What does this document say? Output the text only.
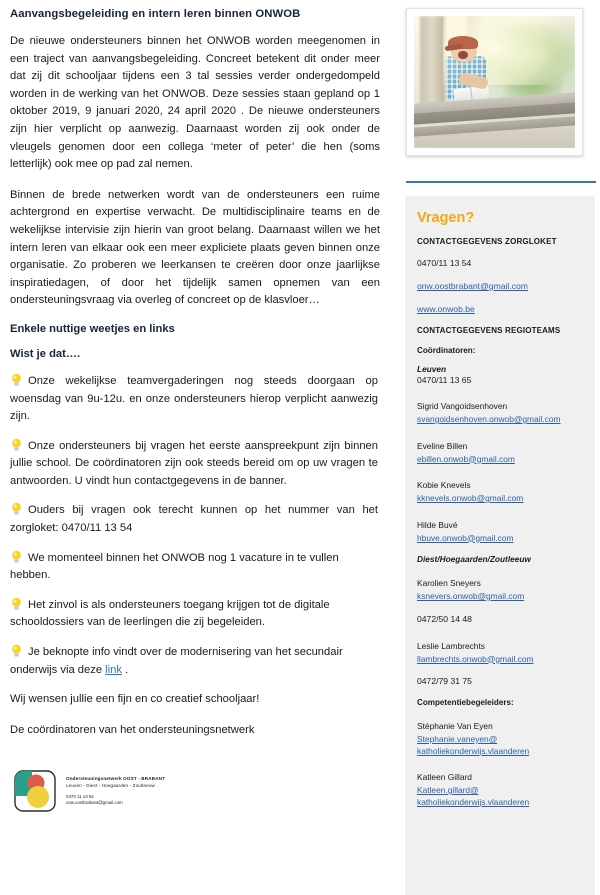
Aanvangsbegeleiding en intern leren binnen ONWOB

De nieuwe ondersteuners binnen het ONWOB worden meegenomen in een traject van aanvangsbegeleiding. Concreet betekent dit onder meer dat zij dit schooljaar tijdens een 3 tal sessies verder ondergedompeld worden in de werking van het ONWOB. Deze sessies staan gepland op 1 oktober 2019, 9 januari 2020, 24 april 2020 . De nieuwe ondersteuners zijn hier verplicht op aanwezig. Daarnaast worden zij ook onder de vleugels genomen door een collega ‘meter of peter’ die hen (soms letterlijk) ook mee op pad zal nemen.

Binnen de brede netwerken wordt van de ondersteuners een ruime achtergrond en expertise verwacht. De multidisciplinaire teams en de wekelijkse intervisie zijn hierin van groot belang. Daarnaast willen we het intern leren van elkaar ook een meer expliciete plaats geven binnen onze organisatie. Zo proberen we leerkansen te creëren door onze jaarlijkse inspiratiedagen, of door het tijdelijk samen opnemen van een ondersteuningsvraag via overleg of concreet op de klasvloer…

Enkele nuttige weetjes en links
Wist je dat….
Onze wekelijkse teamvergaderingen nog steeds doorgaan op woensdag van 9u-12u. en onze ondersteuners hierop verplicht aanwezig zijn.
Onze ondersteuners bij vragen het eerste aanspreekpunt zijn binnen jullie school. De coördinatoren zijn ook steeds bereid om op uw vragen te antwoorden. U vindt hun contactgegevens in de banner.
Ouders bij vragen ook terecht kunnen op het nummer van het zorgloket: 0470/11 13 54
We momenteel binnen het ONWOB nog 1 vacature in te vullen hebben.
Het zinvol is als ondersteuners toegang krijgen tot de digitale schooldossiers van de leerlingen die zij begeleiden.
Je beknopte info vindt over de modernisering van het secundair onderwijs via deze link .

Wij wensen jullie een fijn en co creatief schooljaar!

De coördinatoren van het ondersteuningsnetwerk

Ondersteuningsnetwerk OOST - BRABANT
Leuven - Diest - Hoegaarden - Zoutleeuw
0470 11 13 54
onw.oostbrabant@gmail.com
Vragen?
CONTACTGEGEVENS ZORGLOKET
0470/11 13 54
onw.oostbrabant@gmail.com
www.onwob.be
CONTACTGEGEVENS REGIOTEAMS
Coördinatoren:
Leuven
0470/11 13 65
Sigrid Vangoidsenhoven
svangoidsenhoven.onwob@gmail.com
Eveline Billen
ebillen.onwob@gmail.com
Kobie Knevels
kknevels.onwob@gmail.com
Hilde Buvé
hbuve.onwob@gmail.com
Diest/Hoegaarden/Zoutleeuw
Karolien Sneyers
ksnevers.onwob@gmail.com
0472/50 14 48
Leslie Lambrechts
llambrechts.onwob@gmail.com
0472/79 31 75
Competentiebegeleiders:
Stéphanie Van Eyen
Stephanie.vaneyen@
katholiekonderwijs.vlaanderen
Katleen Gillard
Katleen.gillard@
katholiekonderwijs.vlaanderen
